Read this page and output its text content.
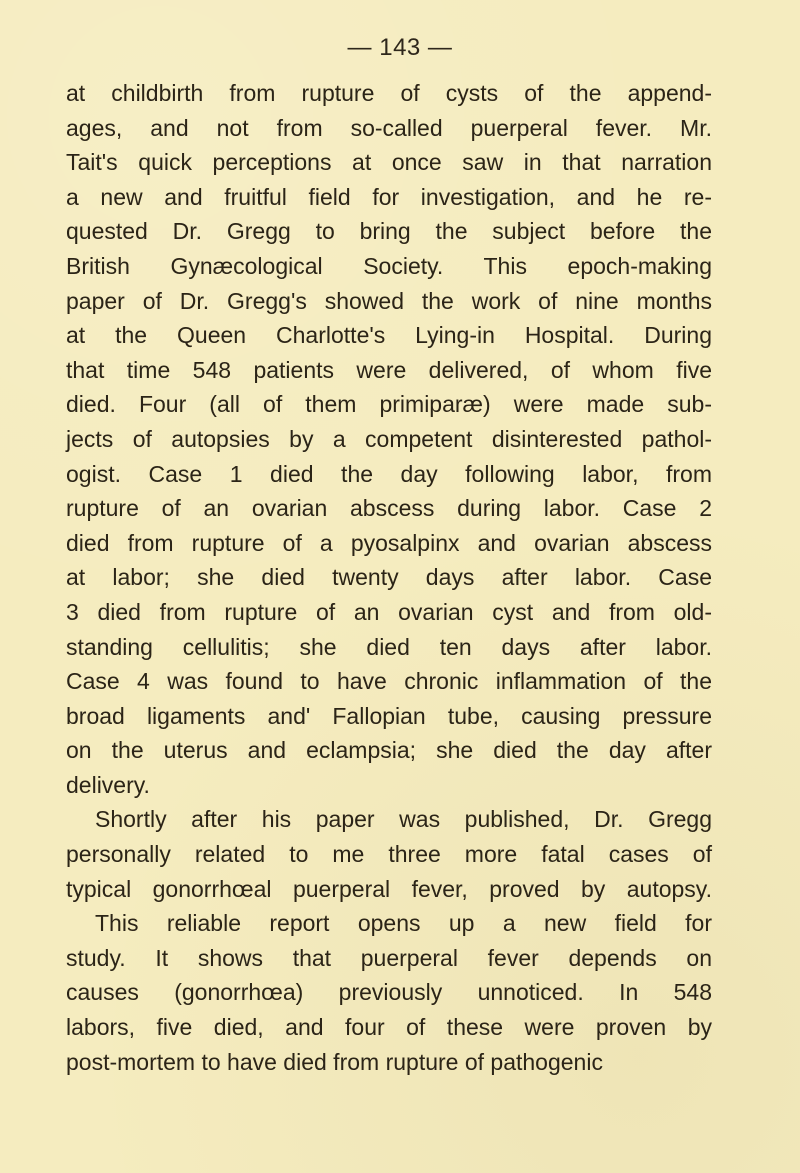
— 143 —
at childbirth from rupture of cysts of the append-
ages, and not from so-called puerperal fever. Mr.
Tait's quick perceptions at once saw in that narration
a new and fruitful field for investigation, and he re-
quested Dr. Gregg to bring the subject before the
British Gynæcological Society. This epoch-making
paper of Dr. Gregg's showed the work of nine months
at the Queen Charlotte's Lying-in Hospital. During
that time 548 patients were delivered, of whom five
died. Four (all of them primiparæ) were made sub-
jects of autopsies by a competent disinterested pathol-
ogist. Case 1 died the day following labor, from
rupture of an ovarian abscess during labor. Case 2
died from rupture of a pyosalpinx and ovarian abscess
at labor; she died twenty days after labor. Case
3 died from rupture of an ovarian cyst and from old-
standing cellulitis; she died ten days after labor.
Case 4 was found to have chronic inflammation of the
broad ligaments and' Fallopian tube, causing pressure
on the uterus and eclampsia; she died the day after
delivery.
Shortly after his paper was published, Dr. Gregg
personally related to me three more fatal cases of
typical gonorrhœal puerperal fever, proved by autopsy.
This reliable report opens up a new field for
study. It shows that puerperal fever depends on
causes (gonorrhœa) previously unnoticed. In 548
labors, five died, and four of these were proven by
post-mortem to have died from rupture of pathogenic
